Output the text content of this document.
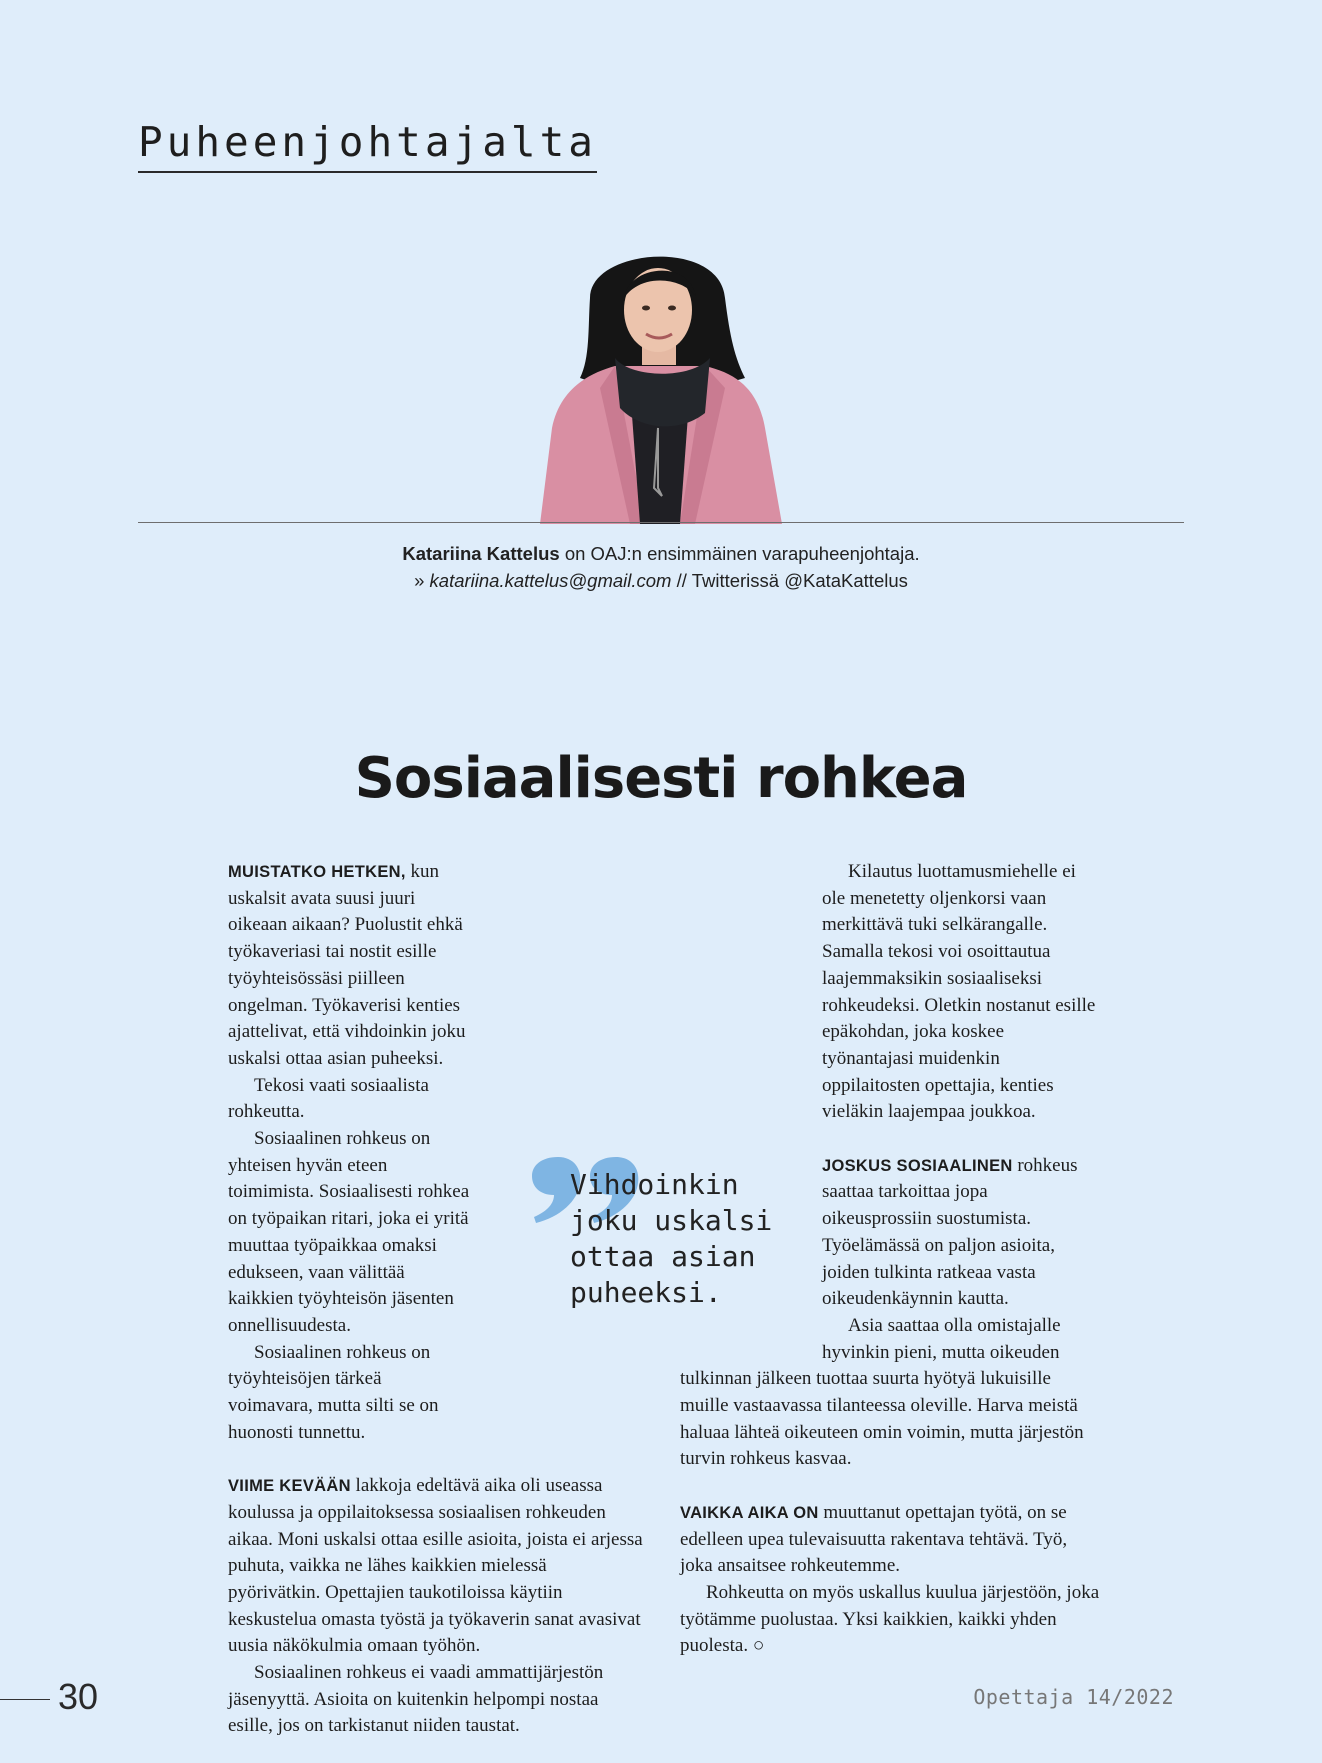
Puheenjohtajalta
Katariina Kattelus on OAJ:n ensimmäinen varapuheenjohtaja.
» katariina.kattelus@gmail.com // Twitterissä @KataKattelus
Sosiaalisesti rohkea

MUISTATKO HETKEN, kun uskalsit avata suusi juuri oikeaan aikaan? Puolustit ehkä työkaveriasi tai nostit esille työyhteisössäsi piilleen ongelman. Työkaverisi kenties ajattelivat, että vihdoinkin joku uskalsi ottaa asian puheeksi.

Tekosi vaati sosiaalista rohkeutta.

Sosiaalinen rohkeus on yhteisen hyvän eteen toimimista. Sosiaalisesti rohkea on työpaikan ritari, joka ei yritä muuttaa työpaikkaa omaksi edukseen, vaan välittää kaikkien työyhteisön jäsenten onnellisuudesta.

Sosiaalinen rohkeus on työyhteisöjen tärkeä voimavara, mutta silti se on huonosti tunnettu.

VIIME KEVÄÄN lakkoja edeltävä aika oli useassa koulussa ja oppilaitoksessa sosiaalisen rohkeuden aikaa. Moni uskalsi ottaa esille asioita, joista ei arjessa puhuta, vaikka ne lähes kaikkien mielessä pyörivätkin. Opettajien taukotiloissa käytiin keskustelua omasta työstä ja työkaverin sanat avasivat uusia näkökulmia omaan työhön.

Sosiaalinen rohkeus ei vaadi ammattijärjestön jäsenyyttä. Asioita on kuitenkin helpompi nostaa esille, jos on tarkistanut niiden taustat.

Kilautus luottamusmiehelle ei ole menetetty oljenkorsi vaan merkittävä tuki selkärangalle. Samalla tekosi voi osoittautua laajemmaksikin sosiaaliseksi rohkeudeksi. Oletkin nostanut esille epäkohdan, joka koskee työnantajasi muidenkin oppilaitosten opettajia, kenties vieläkin laajempaa joukkoa.

JOSKUS SOSIAALINEN rohkeus saattaa tarkoittaa jopa oikeusprossiin suostumista. Työelämässä on paljon asioita, joiden tulkinta ratkeaa vasta oikeudenkäynnin kautta.

Asia saattaa olla omistajalle hyvinkin pieni, mutta oikeuden tulkinnan jälkeen tuottaa suurta hyötyä lukuisille muille vastaavassa tilanteessa oleville. Harva meistä haluaa lähteä oikeuteen omin voimin, mutta järjestön turvin rohkeus kasvaa.

VAIKKA AIKA ON muuttanut opettajan työtä, on se edelleen upea tulevaisuutta rakentava tehtävä. Työ, joka ansaitsee rohkeutemme.

Rohkeutta on myös uskallus kuulua järjestöön, joka työtämme puolustaa. Yksi kaikkien, kaikki yhden puolesta. ○

Vihdoinkin joku uskalsi ottaa asian puheeksi.
30	Opettaja 14/2022
